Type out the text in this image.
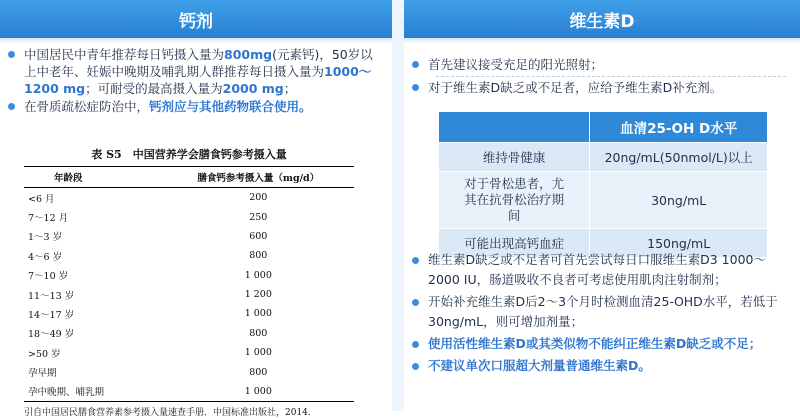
钙剂
中国居民中青年推荐每日钙摄入量为800mg(元素钙)，50岁以上中老年、妊娠中晚期及哺乳期人群推荐每日摄入量为1000～1200 mg；可耐受的最高摄入量为2000 mg；
在骨质疏松症防治中，钙剂应与其他药物联合使用。
表 S5　中国营养学会膳食钙参考摄入量
年龄段	膳食钙参考摄入量（mg/d）
<6 月	200
7～12 月	250
1～3 岁	600
4～6 岁	800
7～10 岁	1 000
11～13 岁	1 200
14～17 岁	1 000
18～49 岁	800
>50 岁	1 000
孕早期	800
孕中晚期、哺乳期	1 000
引自中国居民膳食营养素参考摄入量速查手册．中国标准出版社，2014.
维生素D
首先建议接受充足的阳光照射；
对于维生素D缺乏或不足者，应给予维生素D补充剂。
	血清25-OH D水平
维持骨健康	20ng/mL(50nmol/L)以上
对于骨松患者，尤其在抗骨松治疗期间	30ng/mL
可能出现高钙血症	150ng/mL
维生素D缺乏或不足者可首先尝试每日口服维生素D3 1000～2000 IU，肠道吸收不良者可考虑使用肌肉注射制剂；
开始补充维生素D后2～3个月时检测血清25-OHD水平，若低于30ng/mL，则可增加剂量；
使用活性维生素D或其类似物不能纠正维生素D缺乏或不足；
不建议单次口服超大剂量普通维生素D。
